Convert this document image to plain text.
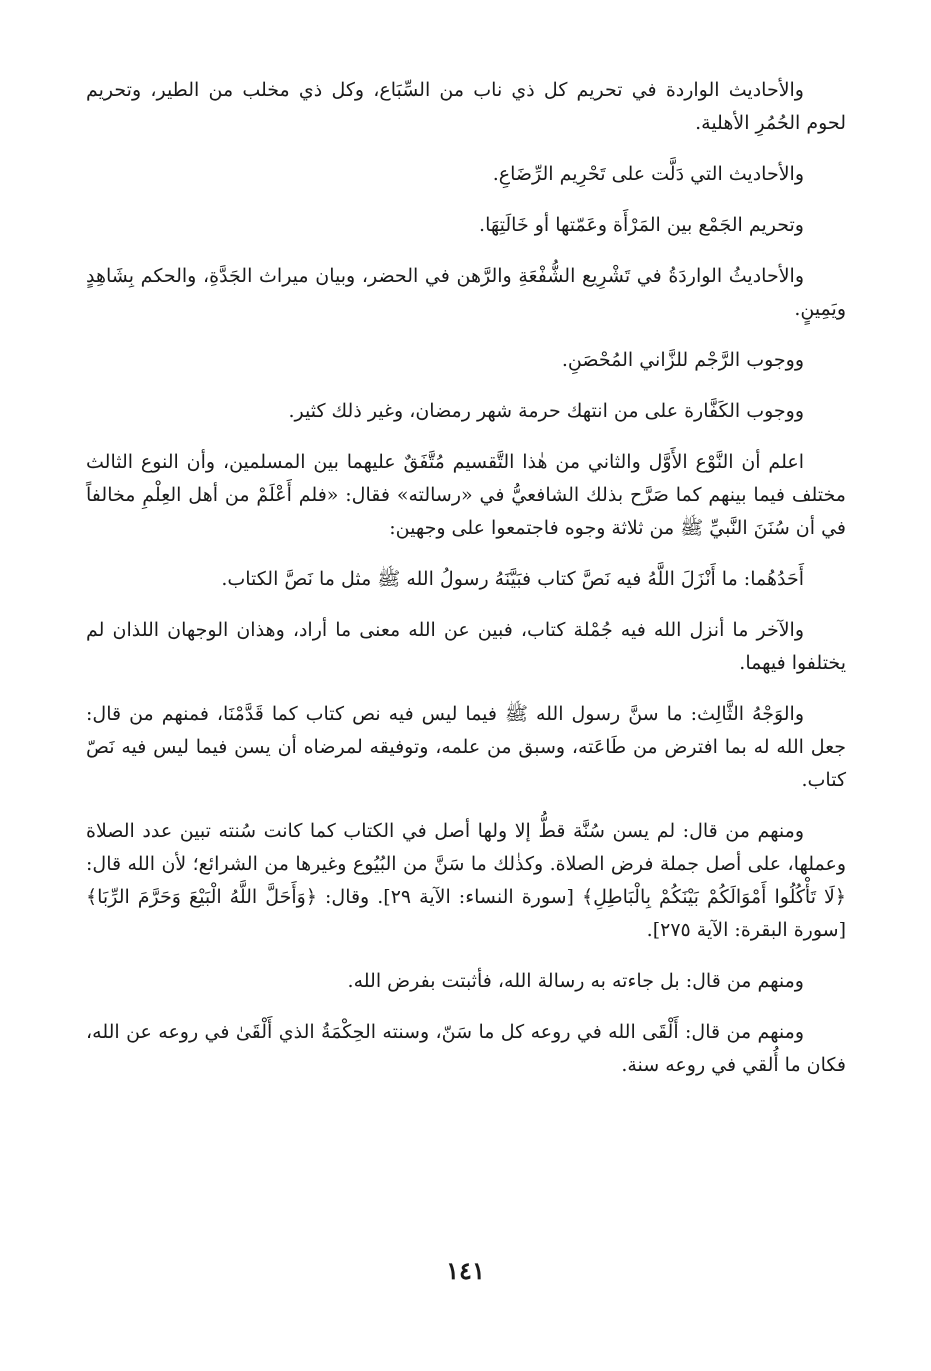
والأحاديث الواردة في تحريم كل ذي ناب من السِّبَاع، وكل ذي مخلب من الطير، وتحريم لحوم الحُمُرِ الأهلية.

والأحاديث التي دَلَّت على تَحْرِيم الرِّضَاعِ.

وتحريم الجَمْع بين المَرْأَة وعَمّتها أو خَالَتِهَا.

والأحاديثُ الواردَةُ في تَشْرِيع الشُّفْعَةِ والرَّهن في الحضر، وبيان ميراث الجَدَّةِ، والحكم بِشَاهِدٍ ويَمِينٍ.

ووجوب الرَّجْم للزَّاني المُحْصَنِ.

ووجوب الكَفَّارة على من انتهك حرمة شهر رمضان، وغير ذلك كثير.

اعلم أن النَّوْع الأَوَّل والثاني من هٰذا التَّقسيم مُتَّفَقٌ عليهما بين المسلمين، وأن النوع الثالث مختلف فيما بينهم كما صَرَّح بذلك الشافعيُّ في «رسالته» فقال: «فلم أَعْلَمْ من أهل العِلْمِ مخالفاً في أن سُنَنَ النَّبيِّ ﷺ من ثلاثة وجوه فاجتمعوا على وجهين:

أَحَدُهُما: ما أَنْزَلَ اللَّهُ فيه نَصَّ كتاب فبَيَّنَهُ رسولُ الله ﷺ مثل ما نَصَّ الكتاب.

والآخر ما أنزل الله فيه جُمْلة كتاب، فبين عن الله معنى ما أراد، وهذان الوجهان اللذان لم يختلفوا فيهما.

والوَجْهُ الثَّالِث: ما سنَّ رسول الله ﷺ فيما ليس فيه نص كتاب كما قَدَّمْنَا، فمنهم من قال: جعل الله له بما افترض من طَاعَته، وسبق من علمه، وتوفيقه لمرضاه أن يسن فيما ليس فيه نَصّ كتاب.

ومنهم من قال: لم يسن سُنَّة قطُّ إلا ولها أصل في الكتاب كما كانت سُنته تبين عدد الصلاة وعملها، على أصل جملة فرض الصلاة. وكذٰلك ما سَنَّ من البُيُوع وغيرها من الشرائع؛ لأن الله قال: ﴿لَا تَأْكُلُوا أَمْوَالَكُمْ بَيْنَكُمْ بِالْبَاطِلِ﴾ [سورة النساء: الآية ٢٩]. وقال: ﴿وَأَحَلَّ اللَّهُ الْبَيْعَ وَحَرَّمَ الرِّبَا﴾ [سورة البقرة: الآية ٢٧٥].

ومنهم من قال: بل جاءته به رسالة الله، فأثبتت بفرض الله.

ومنهم من قال: أَلْقَى الله في روعه كل ما سَنّ، وسنته الحِكْمَةُ الذي أَلْقَىٰ في روعه عن الله، فكان ما أُلقي في روعه سنة.

١٤١
